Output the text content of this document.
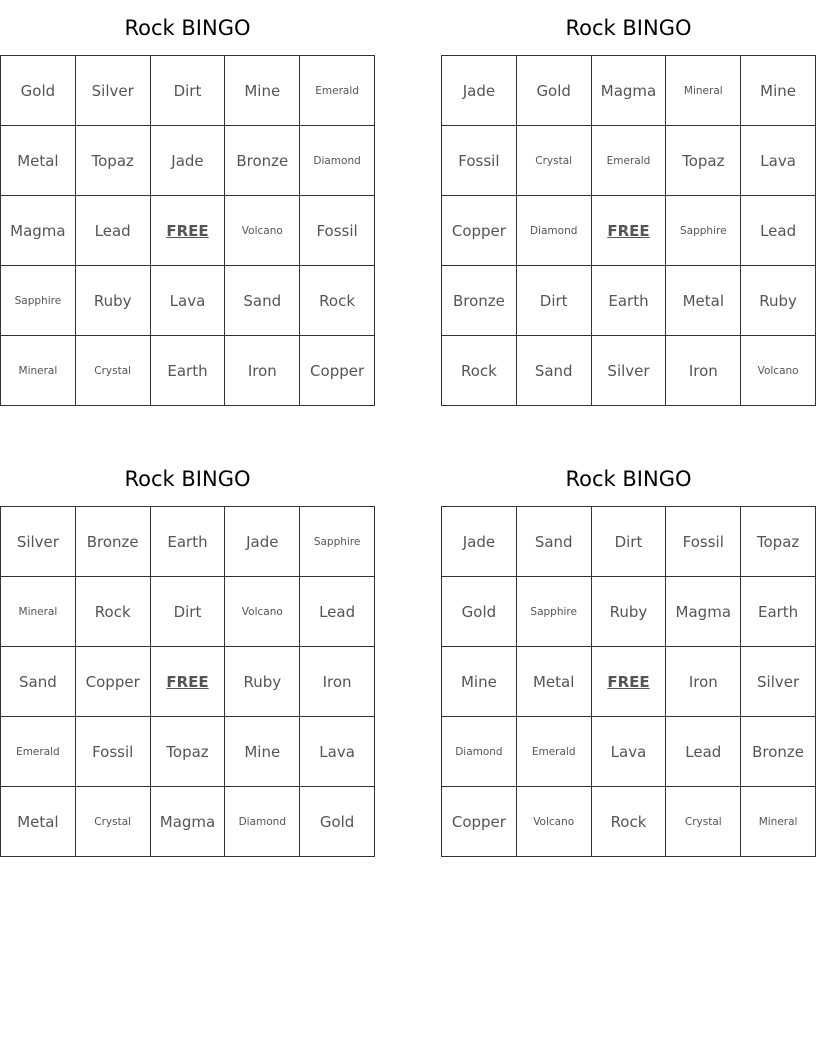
Rock BINGO
Gold	Silver	Dirt	Mine	Emerald
Metal	Topaz	Jade	Bronze	Diamond
Magma	Lead	FREE	Volcano	Fossil
Sapphire	Ruby	Lava	Sand	Rock
Mineral	Crystal	Earth	Iron	Copper
Rock BINGO
Jade	Gold	Magma	Mineral	Mine
Fossil	Crystal	Emerald	Topaz	Lava
Copper	Diamond	FREE	Sapphire	Lead
Bronze	Dirt	Earth	Metal	Ruby
Rock	Sand	Silver	Iron	Volcano
Rock BINGO
Silver	Bronze	Earth	Jade	Sapphire
Mineral	Rock	Dirt	Volcano	Lead
Sand	Copper	FREE	Ruby	Iron
Emerald	Fossil	Topaz	Mine	Lava
Metal	Crystal	Magma	Diamond	Gold
Rock BINGO
Jade	Sand	Dirt	Fossil	Topaz
Gold	Sapphire	Ruby	Magma	Earth
Mine	Metal	FREE	Iron	Silver
Diamond	Emerald	Lava	Lead	Bronze
Copper	Volcano	Rock	Crystal	Mineral
